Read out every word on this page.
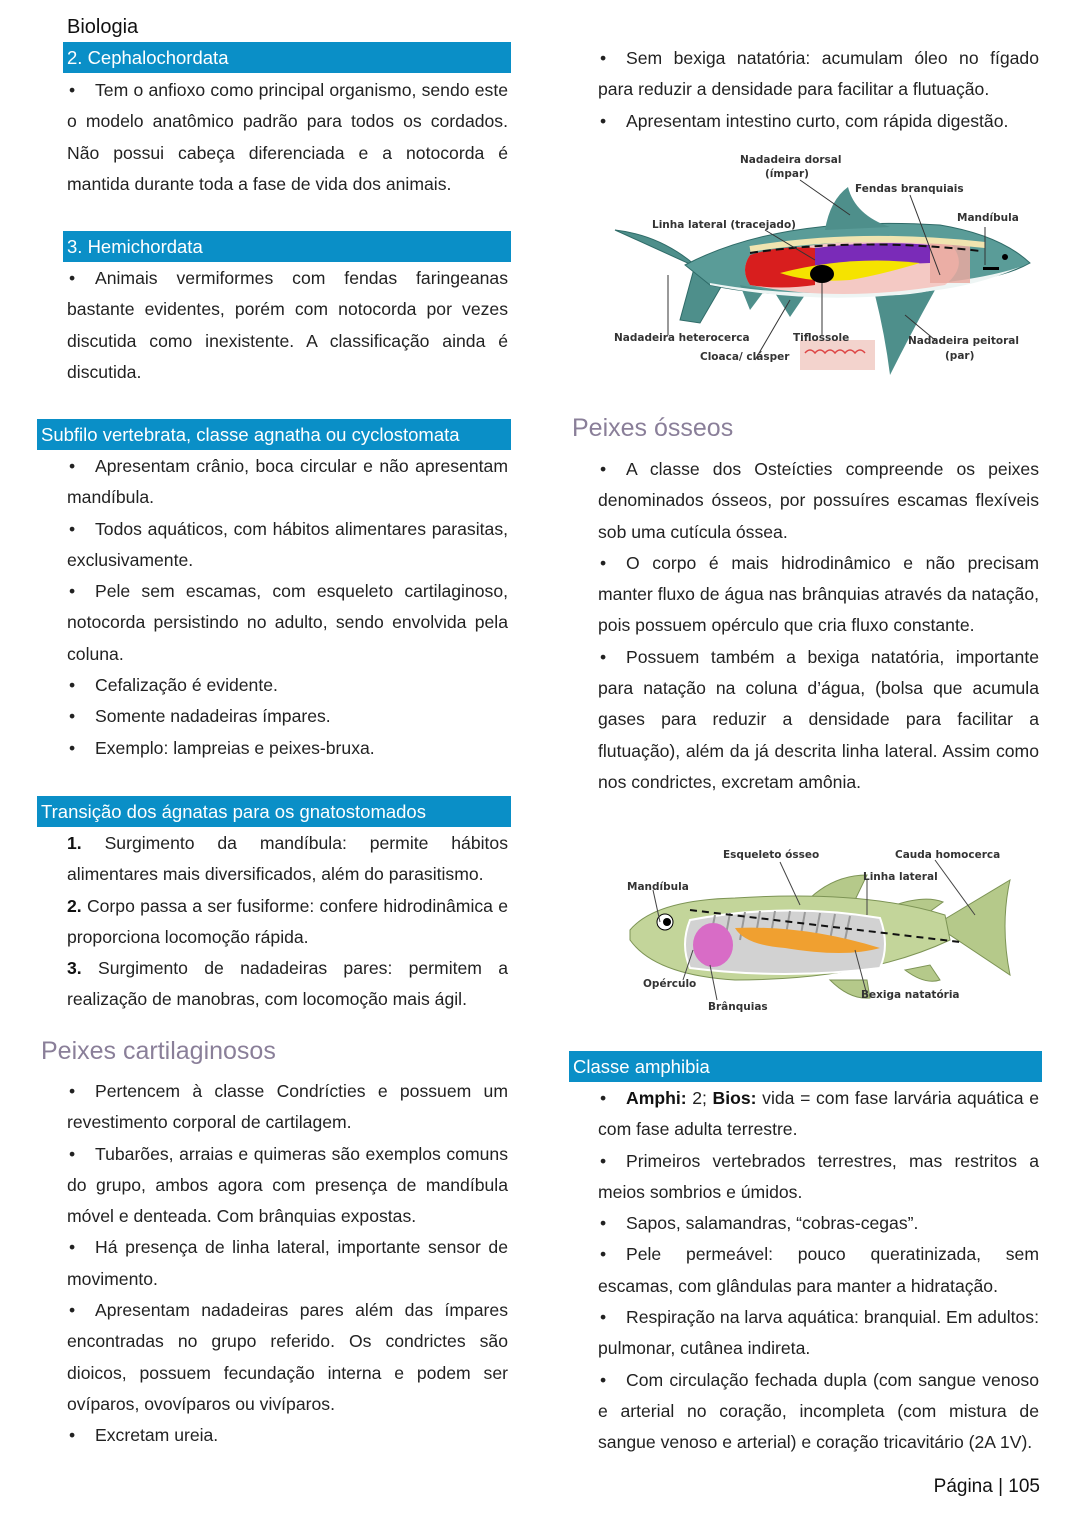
Biologia
2. Cephalochordata

• Tem o anfioxo como principal organismo, sendo este o modelo anatômico padrão para todos os cordados. Não possui cabeça diferenciada e a notocorda é mantida durante toda a fase de vida dos animais.

3. Hemichordata

• Animais vermiformes com fendas faringeanas bastante evidentes, porém com notocorda por vezes discutida como inexistente. A classificação ainda é discutida.

Subfilo vertebrata, classe agnatha ou cyclostomata

• Apresentam crânio, boca circular e não apresentam mandíbula.

• Todos aquáticos, com hábitos alimentares parasitas, exclusivamente.

• Pele sem escamas, com esqueleto cartilaginoso, notocorda persistindo no adulto, sendo envolvida pela coluna.

• Cefalização é evidente.

• Somente nadadeiras ímpares.

• Exemplo: lampreias e peixes-bruxa.

Transição dos ágnatas para os gnatostomados

1. Surgimento da mandíbula: permite hábitos alimentares mais diversificados, além do parasitismo.

2. Corpo passa a ser fusiforme: confere hidrodinâmica e proporciona locomoção rápida.

3. Surgimento de nadadeiras pares: permitem a realização de manobras, com locomoção mais ágil.

Peixes cartilaginosos

• Pertencem à classe Condrícties e possuem um revestimento corporal de cartilagem.

• Tubarões, arraias e quimeras são exemplos comuns do grupo, ambos agora com presença de mandíbula móvel e denteada. Com brânquias expostas.

• Há presença de linha lateral, importante sensor de movimento.

• Apresentam nadadeiras pares além das ímpares encontradas no grupo referido. Os condrictes são dioicos, possuem fecundação interna e podem ser ovíparos, ovovíparos ou vivíparos.

• Excretam ureia.

• Sem bexiga natatória: acumulam óleo no fígado para reduzir a densidade para facilitar a flutuação.

• Apresentam intestino curto, com rápida digestão.

Nadadeira dorsal
(ímpar)
Fendas branquiais
Linha lateral (tracejado)
Mandíbula
Nadadeira heterocerca	Tiflossole
Cloaca/ clásper
Nadadeira peitoral
(par)
Peixes ósseos

• A classe dos Osteícties compreende os peixes denominados ósseos, por possuíres escamas flexíveis sob uma cutícula óssea.

• O corpo é mais hidrodinâmico e não precisam manter fluxo de água nas brânquias através da natação, pois possuem opérculo que cria fluxo constante.

• Possuem também a bexiga natatória, importante para natação na coluna d’água, (bolsa que acumula gases para reduzir a densidade para facilitar a flutuação), além da já descrita linha lateral. Assim como nos condrictes, excretam amônia.

Esqueleto ósseo	Cauda homocerca
Mandíbula
Linha lateral
Opérculo
Bexiga natatória
Brânquias
Classe amphibia

• Amphi: 2; Bios: vida = com fase larvária aquática e com fase adulta terrestre.

• Primeiros vertebrados terrestres, mas restritos a meios sombrios e úmidos.

• Sapos, salamandras, “cobras-cegas”.

• Pele permeável: pouco queratinizada, sem escamas, com glândulas para manter a hidratação.

• Respiração na larva aquática: branquial. Em adultos: pulmonar, cutânea indireta.

• Com circulação fechada dupla (com sangue venoso e arterial no coração, incompleta (com mistura de sangue venoso e arterial) e coração tricavitário (2A 1V).

Página | 105
